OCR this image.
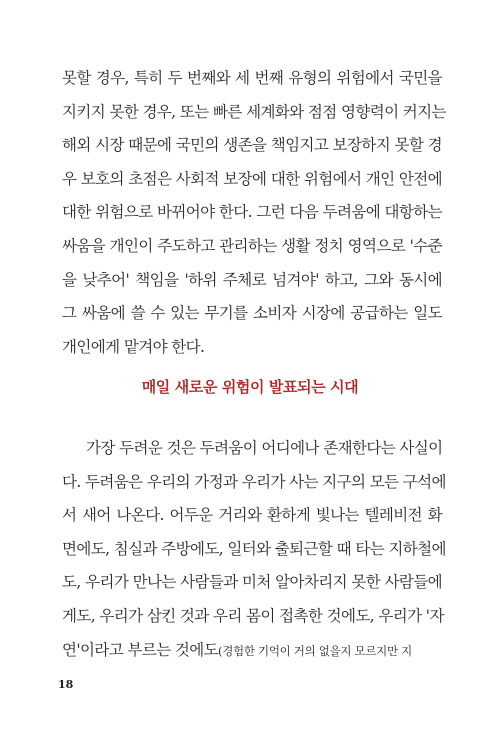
못할 경우, 특히 두 번째와 세 번째 유형의 위험에서 국민을
지키지 못한 경우, 또는 빠른 세계화와 점점 영향력이 커지는
해외 시장 때문에 국민의 생존을 책임지고 보장하지 못할 경
우 보호의 초점은 사회적 보장에 대한 위험에서 개인 안전에
대한 위험으로 바뀌어야 한다. 그런 다음 두려움에 대항하는
싸움을 개인이 주도하고 관리하는 생활 정치 영역으로 '수준
을 낮추어' 책임을 '하위 주체로 넘겨야' 하고, 그와 동시에
그 싸움에 쓸 수 있는 무기를 소비자 시장에 공급하는 일도
개인에게 맡겨야 한다.
매일 새로운 위험이 발표되는 시대
가장 두려운 것은 두려움이 어디에나 존재한다는 사실이
다. 두려움은 우리의 가정과 우리가 사는 지구의 모든 구석에
서 새어 나온다. 어두운 거리와 환하게 빛나는 텔레비전 화
면에도, 침실과 주방에도, 일터와 출퇴근할 때 타는 지하철에
도, 우리가 만나는 사람들과 미처 알아차리지 못한 사람들에
게도, 우리가 삼킨 것과 우리 몸이 접촉한 것에도, 우리가 '자
연'이라고 부르는 것에도(경험한 기억이 거의 없을지 모르지만 지
18
